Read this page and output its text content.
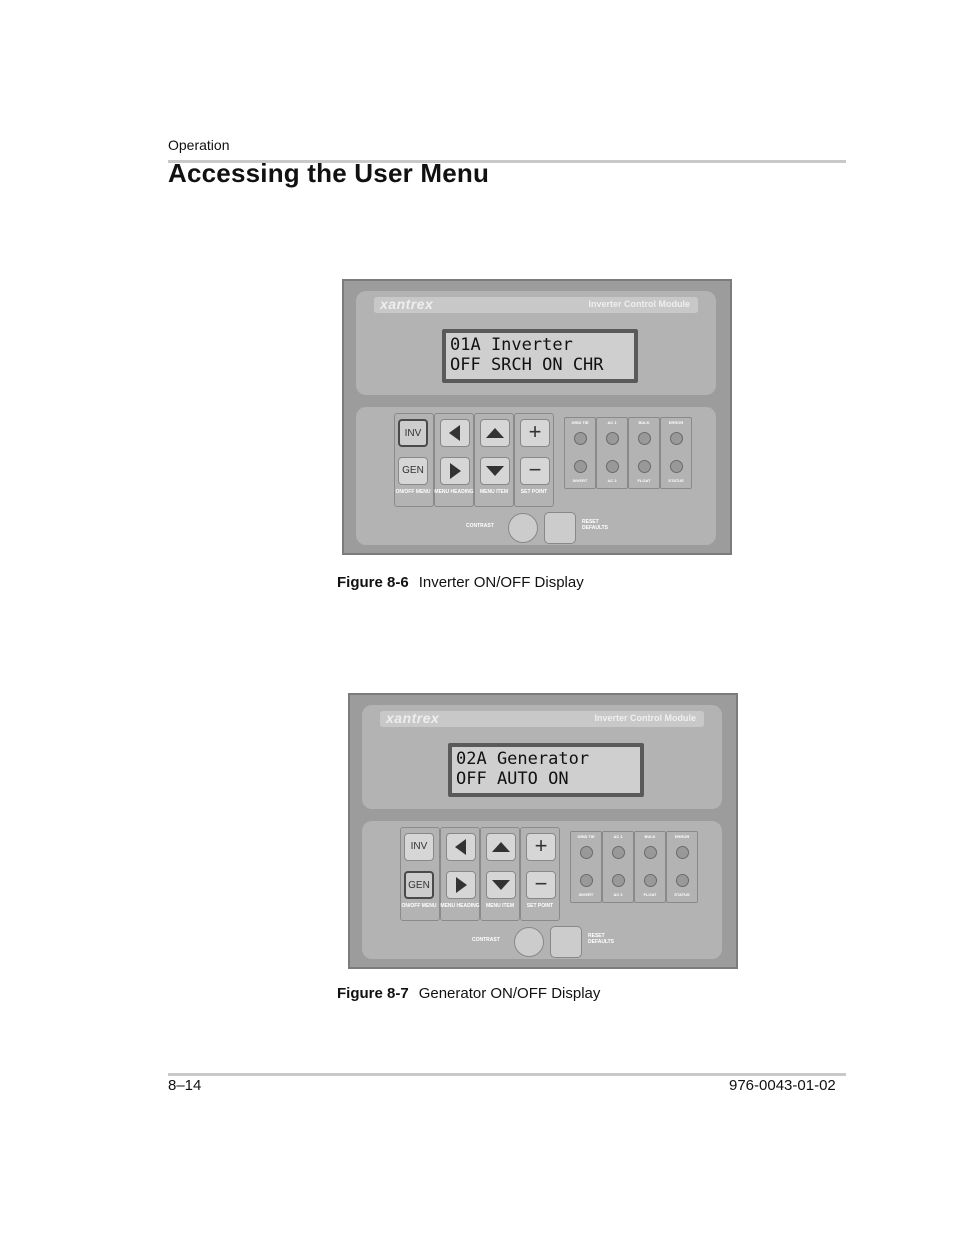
Operation
Accessing the User Menu
xantrex	Inverter Control Module
01A Inverter
OFF SRCH ON CHR
INV
GEN
+
−
ON/OFF MENU MENU HEADING	MENU ITEM	SET POINT
GRID TIE
INVERT
AC 1
AC 2
BULK
FLOAT
ERROR
STATUS
CONTRAST
RESET DEFAULTS
Figure 8-6 Inverter ON/OFF Display
xantrex	Inverter Control Module
02A Generator
OFF AUTO ON
INV
GEN
+
−
ON/OFF MENU MENU HEADING	MENU ITEM	SET POINT
GRID TIE
INVERT
AC 1
AC 2
BULK
FLOAT
ERROR
STATUS
CONTRAST
RESET DEFAULTS
Figure 8-7 Generator ON/OFF Display
8–14	976-0043-01-02
